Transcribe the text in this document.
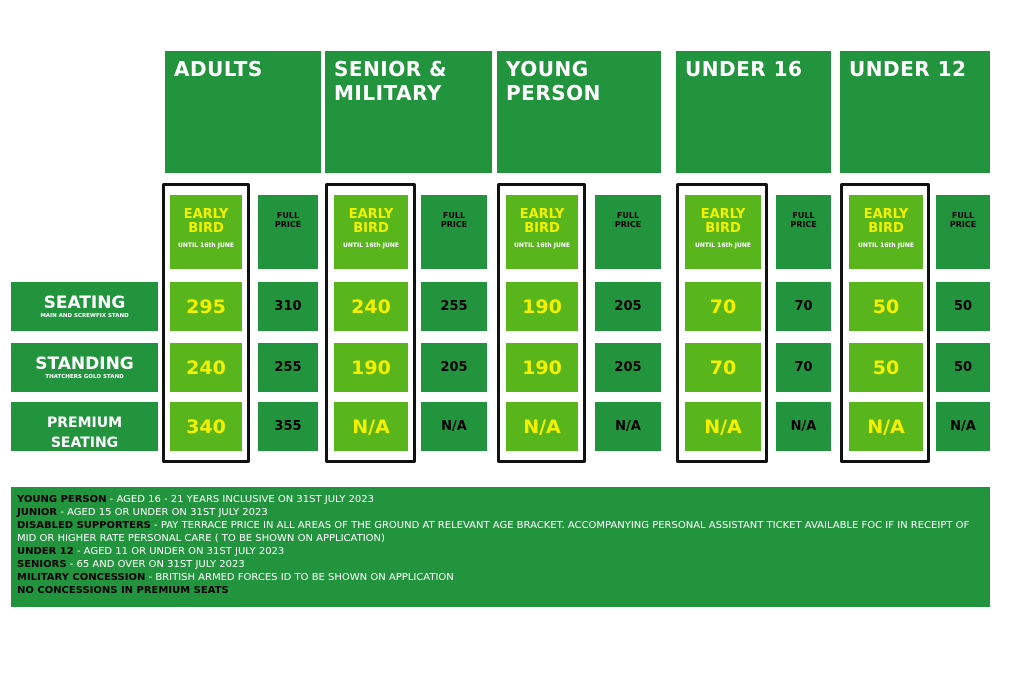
ADULTS	SENIOR &
MILITARY
YOUNG
PERSON
UNDER 16	UNDER 12
SEATING
MAIN AND SCREWFIX STAND
STANDING
THATCHERS GOLD STAND
PREMIUM SEATING
BLOCK D MAIN STAND
EARLY
BIRD
UNTIL 16th JUNE
FULL
PRICE
295
240
340
310
255
355
EARLY
BIRD
UNTIL 16th JUNE
FULL
PRICE
240
190
N/A
255
205
N/A
EARLY
BIRD
UNTIL 16th JUNE
FULL
PRICE
190
190
N/A
205
205
N/A
EARLY
BIRD
UNTIL 16th JUNE
FULL
PRICE
70
70
N/A
70
70
N/A
EARLY
BIRD
UNTIL 16th JUNE
FULL
PRICE
50
50
N/A
50
50
N/A
YOUNG PERSON - AGED 16 - 21 YEARS INCLUSIVE ON 31ST JULY 2023
JUNIOR - AGED 15 OR UNDER ON 31ST JULY 2023
DISABLED SUPPORTERS - PAY TERRACE PRICE IN ALL AREAS OF THE GROUND AT RELEVANT AGE BRACKET. ACCOMPANYING PERSONAL ASSISTANT TICKET AVAILABLE FOC IF IN RECEIPT OF MID OR HIGHER RATE PERSONAL CARE ( TO BE SHOWN ON APPLICATION)
UNDER 12 - AGED 11 OR UNDER ON 31ST JULY 2023
SENIORS - 65 AND OVER ON 31ST JULY 2023
MILITARY CONCESSION - BRITISH ARMED FORCES ID TO BE SHOWN ON APPLICATION
NO CONCESSIONS IN PREMIUM SEATS
